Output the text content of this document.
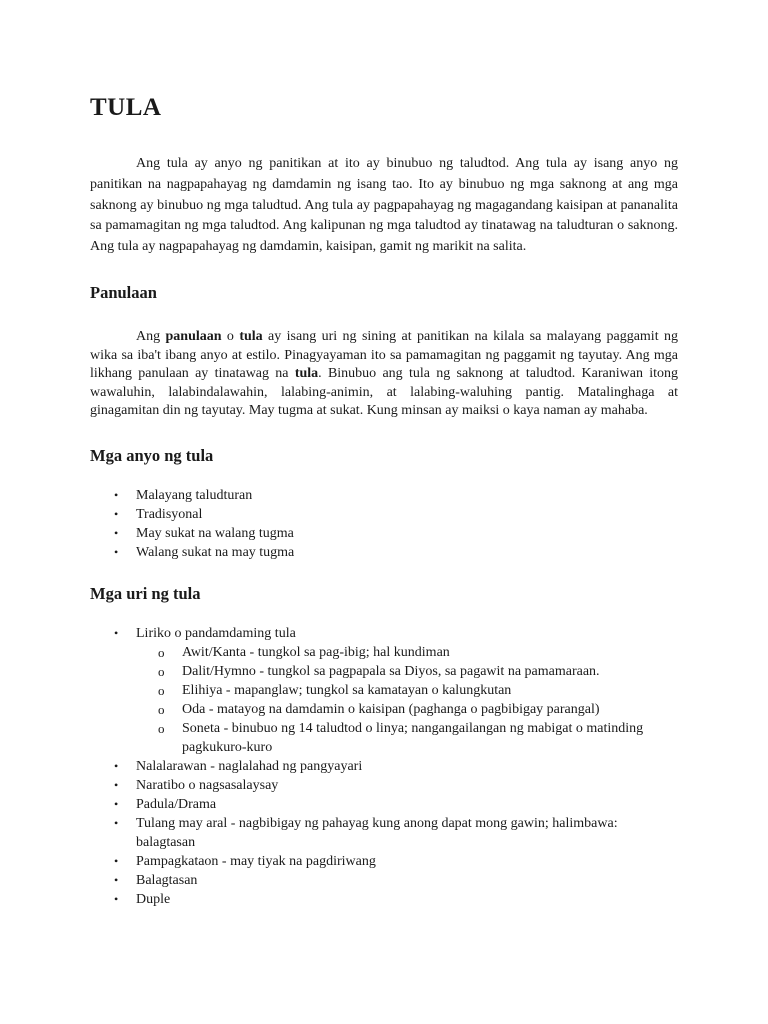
TULA

Ang tula ay anyo ng panitikan at ito ay binubuo ng taludtod. Ang tula ay isang anyo ng panitikan na nagpapahayag ng damdamin ng isang tao. Ito ay binubuo ng mga saknong at ang mga saknong ay binubuo ng mga taludtud. Ang tula ay pagpapahayag ng magagandang kaisipan at pananalita sa pamamagitan ng mga taludtod. Ang kalipunan ng mga taludtod ay tinatawag na taludturan o saknong. Ang tula ay nagpapahayag ng damdamin, kaisipan, gamit ng marikit na salita.

Panulaan

Ang panulaan o tula ay isang uri ng sining at panitikan na kilala sa malayang paggamit ng wika sa iba't ibang anyo at estilo. Pinagyayaman ito sa pamamagitan ng paggamit ng tayutay. Ang mga likhang panulaan ay tinatawag na tula. Binubuo ang tula ng saknong at taludtod. Karaniwan itong wawaluhin, lalabindalawahin, lalabing-animin, at lalabing-waluhing pantig. Matalinghaga at ginagamitan din ng tayutay. May tugma at sukat. Kung minsan ay maiksi o kaya naman ay mahaba.

Mga anyo ng tula
• Malayang taludturan
• Tradisyonal
• May sukat na walang tugma
• Walang sukat na may tugma
Mga uri ng tula
• Liriko o pandamdaming tula
o Awit/Kanta - tungkol sa pag-ibig; hal kundiman
o Dalit/Hymno - tungkol sa pagpapala sa Diyos, sa pagawit na pamamaraan.
o Elihiya - mapanglaw; tungkol sa kamatayan o kalungkutan
o Oda - matayog na damdamin o kaisipan (paghanga o pagbibigay parangal)
o Soneta - binubuo ng 14 taludtod o linya; nangangailangan ng mabigat o matinding pagkukuro-kuro
• Nalalarawan - naglalahad ng pangyayari
• Naratibo o nagsasalaysay
• Padula/Drama
• Tulang may aral - nagbibigay ng pahayag kung anong dapat mong gawin; halimbawa: balagtasan
• Pampagkataon - may tiyak na pagdiriwang
• Balagtasan
• Duple
